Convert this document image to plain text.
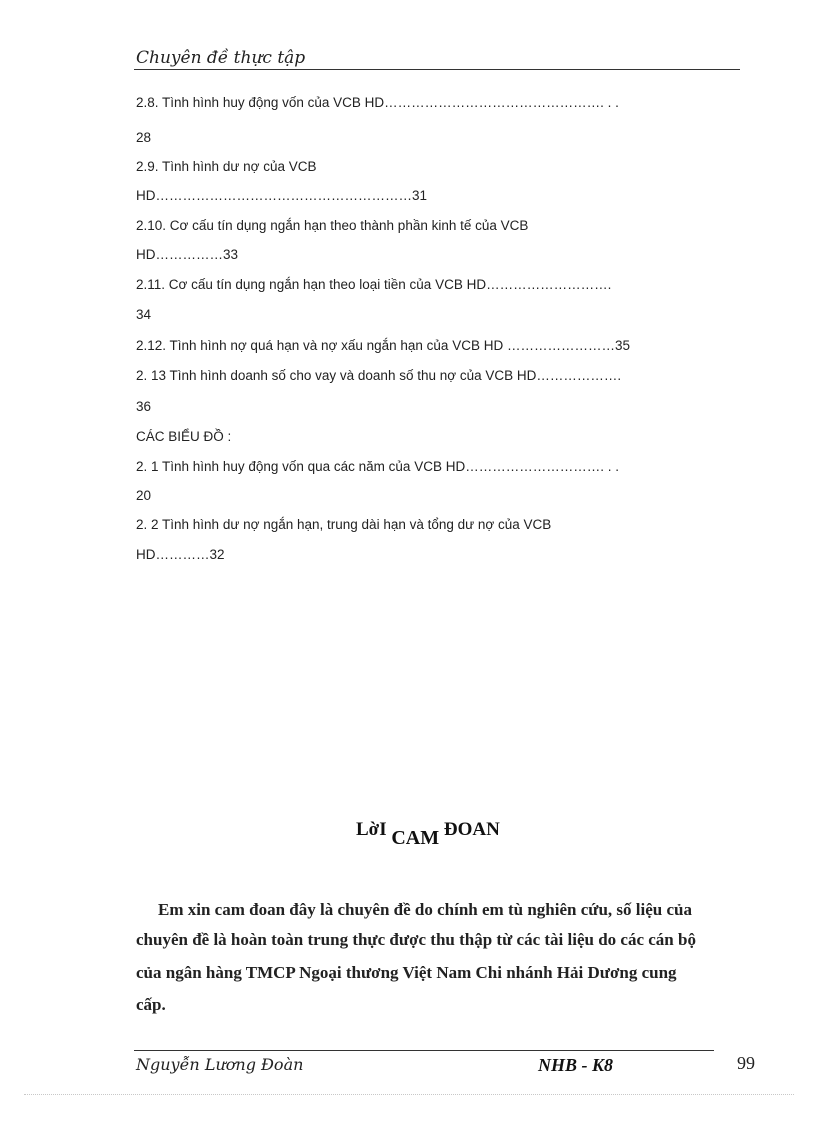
Chuyên đề thực tập
2.8. Tình hình huy động vốn của VCB HD…………………………………………. . .
28
2.9. Tình hình dư nợ của VCB
HD…………………………………………………31
2.10. Cơ cấu tín dụng ngắn hạn theo thành phần kinh tế của VCB
HD……………33
2.11. Cơ cấu tín dụng ngắn hạn theo loại tiền của VCB HD……………………….
34
2.12. Tình hình nợ quá hạn và nợ xấu ngắn hạn của VCB HD ……………………35
2. 13 Tình hình doanh số cho vay và doanh số thu nợ của VCB HD……………….
36
CÁC BIỂU ĐỒ :
2. 1 Tình hình huy động vốn qua các năm của VCB HD…………………………. . .
20
2. 2 Tình hình dư nợ ngắn hạn, trung dài hạn và tổng dư nợ của VCB
HD…………32
LờI CAM ĐOAN
Em xin cam đoan đây là chuyên đề do chính em tù nghiên cứu, số liệu của
chuyên đề là hoàn toàn trung thực được thu thập từ các tài liệu do các cán bộ
của ngân hàng TMCP Ngoại thương Việt Nam Chi nhánh Hải Dương cung
cấp.
Nguyễn Lương Đoàn	NHB - K8	99
